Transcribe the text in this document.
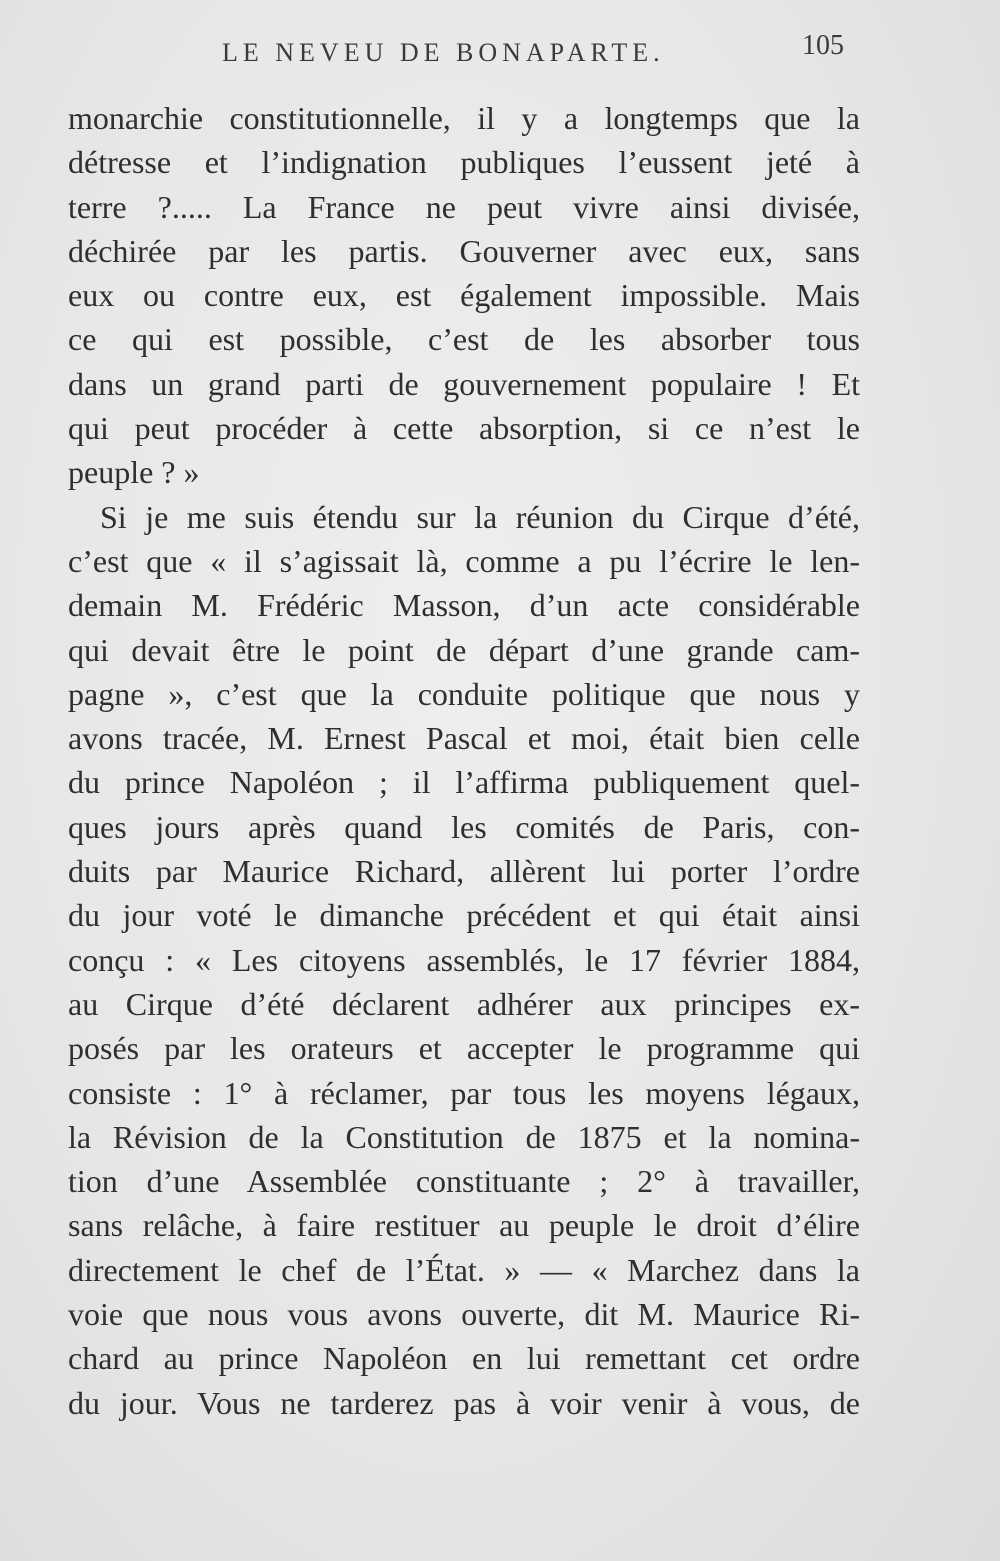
LE NEVEU DE BONAPARTE.	105
monarchie constitutionnelle, il y a longtemps que la
détresse et l’indignation publiques l’eussent jeté à
terre ?..... La France ne peut vivre ainsi divisée,
déchirée par les partis. Gouverner avec eux, sans
eux ou contre eux, est également impossible. Mais
ce qui est possible, c’est de les absorber tous
dans un grand parti de gouvernement populaire ! Et
qui peut procéder à cette absorption, si ce n’est le
peuple ? »
Si je me suis étendu sur la réunion du Cirque d’été,
c’est que « il s’agissait là, comme a pu l’écrire le len-
demain M. Frédéric Masson, d’un acte considérable
qui devait être le point de départ d’une grande cam-
pagne », c’est que la conduite politique que nous y
avons tracée, M. Ernest Pascal et moi, était bien celle
du prince Napoléon ; il l’affirma publiquement quel-
ques jours après quand les comités de Paris, con-
duits par Maurice Richard, allèrent lui porter l’ordre
du jour voté le dimanche précédent et qui était ainsi
conçu : « Les citoyens assemblés, le 17 février 1884,
au Cirque d’été déclarent adhérer aux principes ex-
posés par les orateurs et accepter le programme qui
consiste : 1° à réclamer, par tous les moyens légaux,
la Révision de la Constitution de 1875 et la nomina-
tion d’une Assemblée constituante ; 2° à travailler,
sans relâche, à faire restituer au peuple le droit d’élire
directement le chef de l’État. » — « Marchez dans la
voie que nous vous avons ouverte, dit M. Maurice Ri-
chard au prince Napoléon en lui remettant cet ordre
du jour. Vous ne tarderez pas à voir venir à vous, de
